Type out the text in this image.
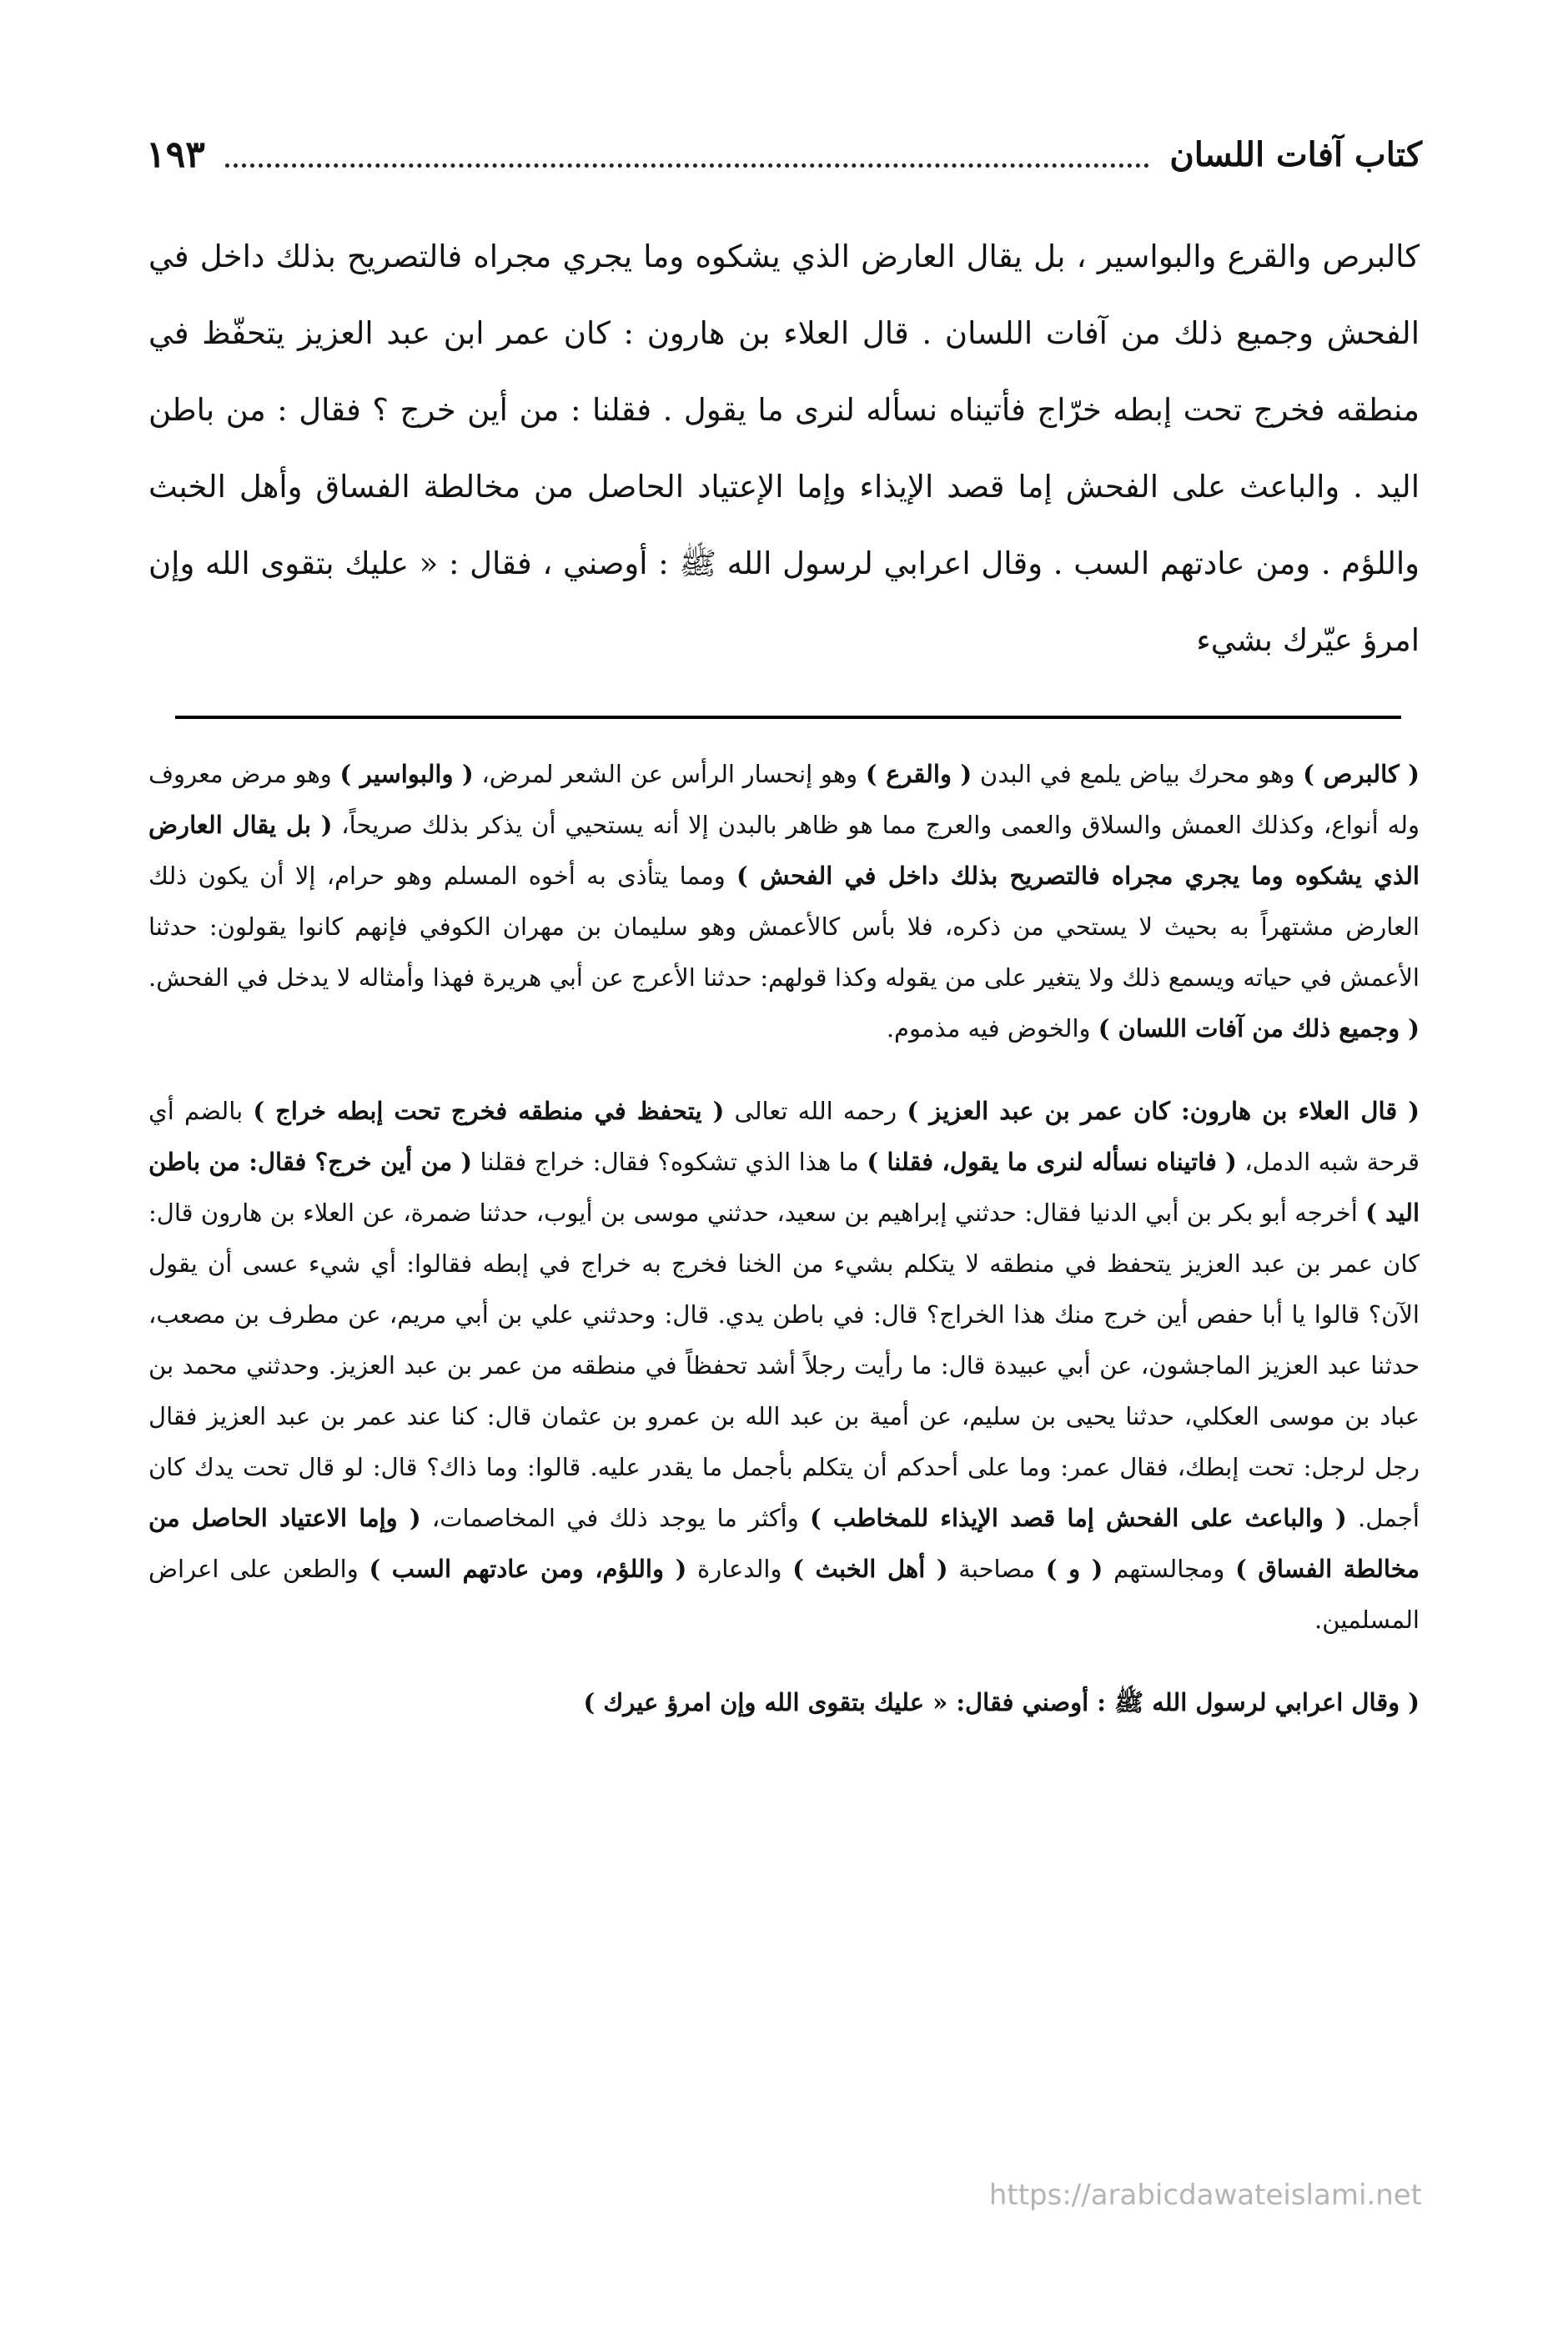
كتاب آفات اللسان
١٩٣

كالبرص والقرع والبواسير ، بل يقال العارض الذي يشكوه وما يجري مجراه فالتصريح بذلك داخل في الفحش وجميع ذلك من آفات اللسان . قال العلاء بن هارون : كان عمر ابن عبد العزيز يتحفّظ في منطقه فخرج تحت إبطه خرّاج فأتيناه نسأله لنرى ما يقول . فقلنا : من أين خرج ؟ فقال : من باطن اليد . والباعث على الفحش إما قصد الإيذاء وإما الإعتياد الحاصل من مخالطة الفساق وأهل الخبث واللؤم . ومن عادتهم السب . وقال اعرابي لرسول الله ﷺ : أوصني ، فقال : « عليك بتقوى الله وإن امرؤ عيّرك بشيء

( كالبرص ) وهو محرك بياض يلمع في البدن ( والقرع ) وهو إنحسار الرأس عن الشعر لمرض، ( والبواسير ) وهو مرض معروف وله أنواع، وكذلك العمش والسلاق والعمى والعرج مما هو ظاهر بالبدن إلا أنه يستحيي أن يذكر بذلك صريحاً، ( بل يقال العارض الذي يشكوه وما يجري مجراه فالتصريح بذلك داخل في الفحش ) ومما يتأذى به أخوه المسلم وهو حرام، إلا أن يكون ذلك العارض مشتهراً به بحيث لا يستحي من ذكره، فلا بأس كالأعمش وهو سليمان بن مهران الكوفي فإنهم كانوا يقولون: حدثنا الأعمش في حياته ويسمع ذلك ولا يتغير على من يقوله وكذا قولهم: حدثنا الأعرج عن أبي هريرة فهذا وأمثاله لا يدخل في الفحش. ( وجميع ذلك من آفات اللسان ) والخوض فيه مذموم.

( قال العلاء بن هارون: كان عمر بن عبد العزيز ) رحمه الله تعالى ( يتحفظ في منطقه فخرج تحت إبطه خراج ) بالضم أي قرحة شبه الدمل، ( فاتيناه نسأله لنرى ما يقول، فقلنا ) ما هذا الذي تشكوه؟ فقال: خراج فقلنا ( من أين خرج؟ فقال: من باطن اليد ) أخرجه أبو بكر بن أبي الدنيا فقال: حدثني إبراهيم بن سعيد، حدثني موسى بن أيوب، حدثنا ضمرة، عن العلاء بن هارون قال: كان عمر بن عبد العزيز يتحفظ في منطقه لا يتكلم بشيء من الخنا فخرج به خراج في إبطه فقالوا: أي شيء عسى أن يقول الآن؟ قالوا يا أبا حفص أين خرج منك هذا الخراج؟ قال: في باطن يدي. قال: وحدثني علي بن أبي مريم، عن مطرف بن مصعب، حدثنا عبد العزيز الماجشون، عن أبي عبيدة قال: ما رأيت رجلاً أشد تحفظاً في منطقه من عمر بن عبد العزيز. وحدثني محمد بن عباد بن موسى العكلي، حدثنا يحيى بن سليم، عن أمية بن عبد الله بن عمرو بن عثمان قال: كنا عند عمر بن عبد العزيز فقال رجل لرجل: تحت إبطك، فقال عمر: وما على أحدكم أن يتكلم بأجمل ما يقدر عليه. قالوا: وما ذاك؟ قال: لو قال تحت يدك كان أجمل. ( والباعث على الفحش إما قصد الإيذاء للمخاطب ) وأكثر ما يوجد ذلك في المخاصمات، ( وإما الاعتياد الحاصل من مخالطة الفساق ) ومجالستهم ( و ) مصاحبة ( أهل الخبث ) والدعارة ( واللؤم، ومن عادتهم السب ) والطعن على اعراض المسلمين.

( وقال اعرابي لرسول الله ﷺ : أوصني فقال: « عليك بتقوى الله وإن امرؤ عيرك )

https://arabicdawateislami.net
